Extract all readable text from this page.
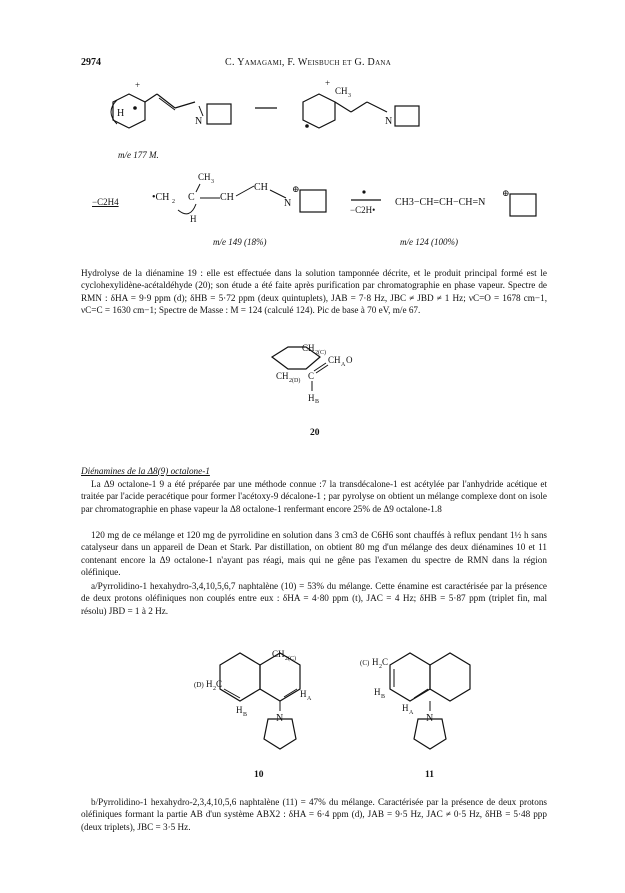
2974	C. Yamagami, F. Weisbuch et G. Dana
H
+
N
+
CH 3
N
m/e 177 M.
−C2H4	•CH 2 C
CH 3
H
CH
CH
N
⊕
m/e 149 (18%)
−C2H•
CH3−CH=CH−CH=N
⊕
m/e 124 (100%)

Hydrolyse de la diénamine 19 : elle est effectuée dans la solution tamponnée décrite, et le produit principal formé est le cyclohexylidène-acétaldéhyde (20); son étude a été faite après purification par chromatographie en phase vapeur. Spectre de RMN : δHA = 9·9 ppm (d); δHB = 5·72 ppm (deux quintuplets), JAB = 7·8 Hz, JBC ≠ JBD ≠ 1 Hz; νC=O = 1678 cm−1, νC=C = 1630 cm−1; Spectre de Masse : M = 124 (calculé 124). Pic de base à 70 eV, m/e 67.

CH 2(C)
CH 2(D) C
CH A O
H B
20
Diénamines de la Δ8(9) octalone-1

La Δ9 octalone-1 9 a été préparée par une méthode connue :7 la transdécalone-1 est acétylée par l'anhydride acétique et traitée par l'acide peracétique pour former l'acétoxy-9 décalone-1 ; par pyrolyse on obtient un mélange complexe dont on isole par chromatographie en phase vapeur la Δ8 octalone-1 renfermant encore 25% de Δ9 octalone-1.8

120 mg de ce mélange et 120 mg de pyrrolidine en solution dans 3 cm3 de C6H6 sont chauffés à reflux pendant 1½ h sans catalyseur dans un appareil de Dean et Stark. Par distillation, on obtient 80 mg d'un mélange des deux diénamines 10 et 11 contenant encore la Δ9 octalone-1 n'ayant pas réagi, mais qui ne gêne pas l'examen du spectre de RMN dans la région oléfinique.

a/Pyrrolidino-1 hexahydro-3,4,10,5,6,7 naphtalène (10) = 53% du mélange. Cette énamine est caractérisée par la présence de deux protons oléfiniques non couplés entre eux : δHA = 4·80 ppm (t), JAC = 4 Hz; δHB = 5·87 ppm (triplet fin, mal résolu) JBD = 1 à 2 Hz.

(D) H 2 C
CH 2(C)
H A
H B	N
(C) H 2 C
H B
H A N
10	11

b/Pyrrolidino-1 hexahydro-2,3,4,10,5,6 naphtalène (11) = 47% du mélange. Caractérisée par la présence de deux protons oléfiniques formant la partie AB d'un système ABX2 : δHA = 6·4 ppm (d), JAB = 9·5 Hz, JAC ≠ 0·5 Hz, δHB = 5·48 ppp (deux triplets), JBC = 3·5 Hz.
